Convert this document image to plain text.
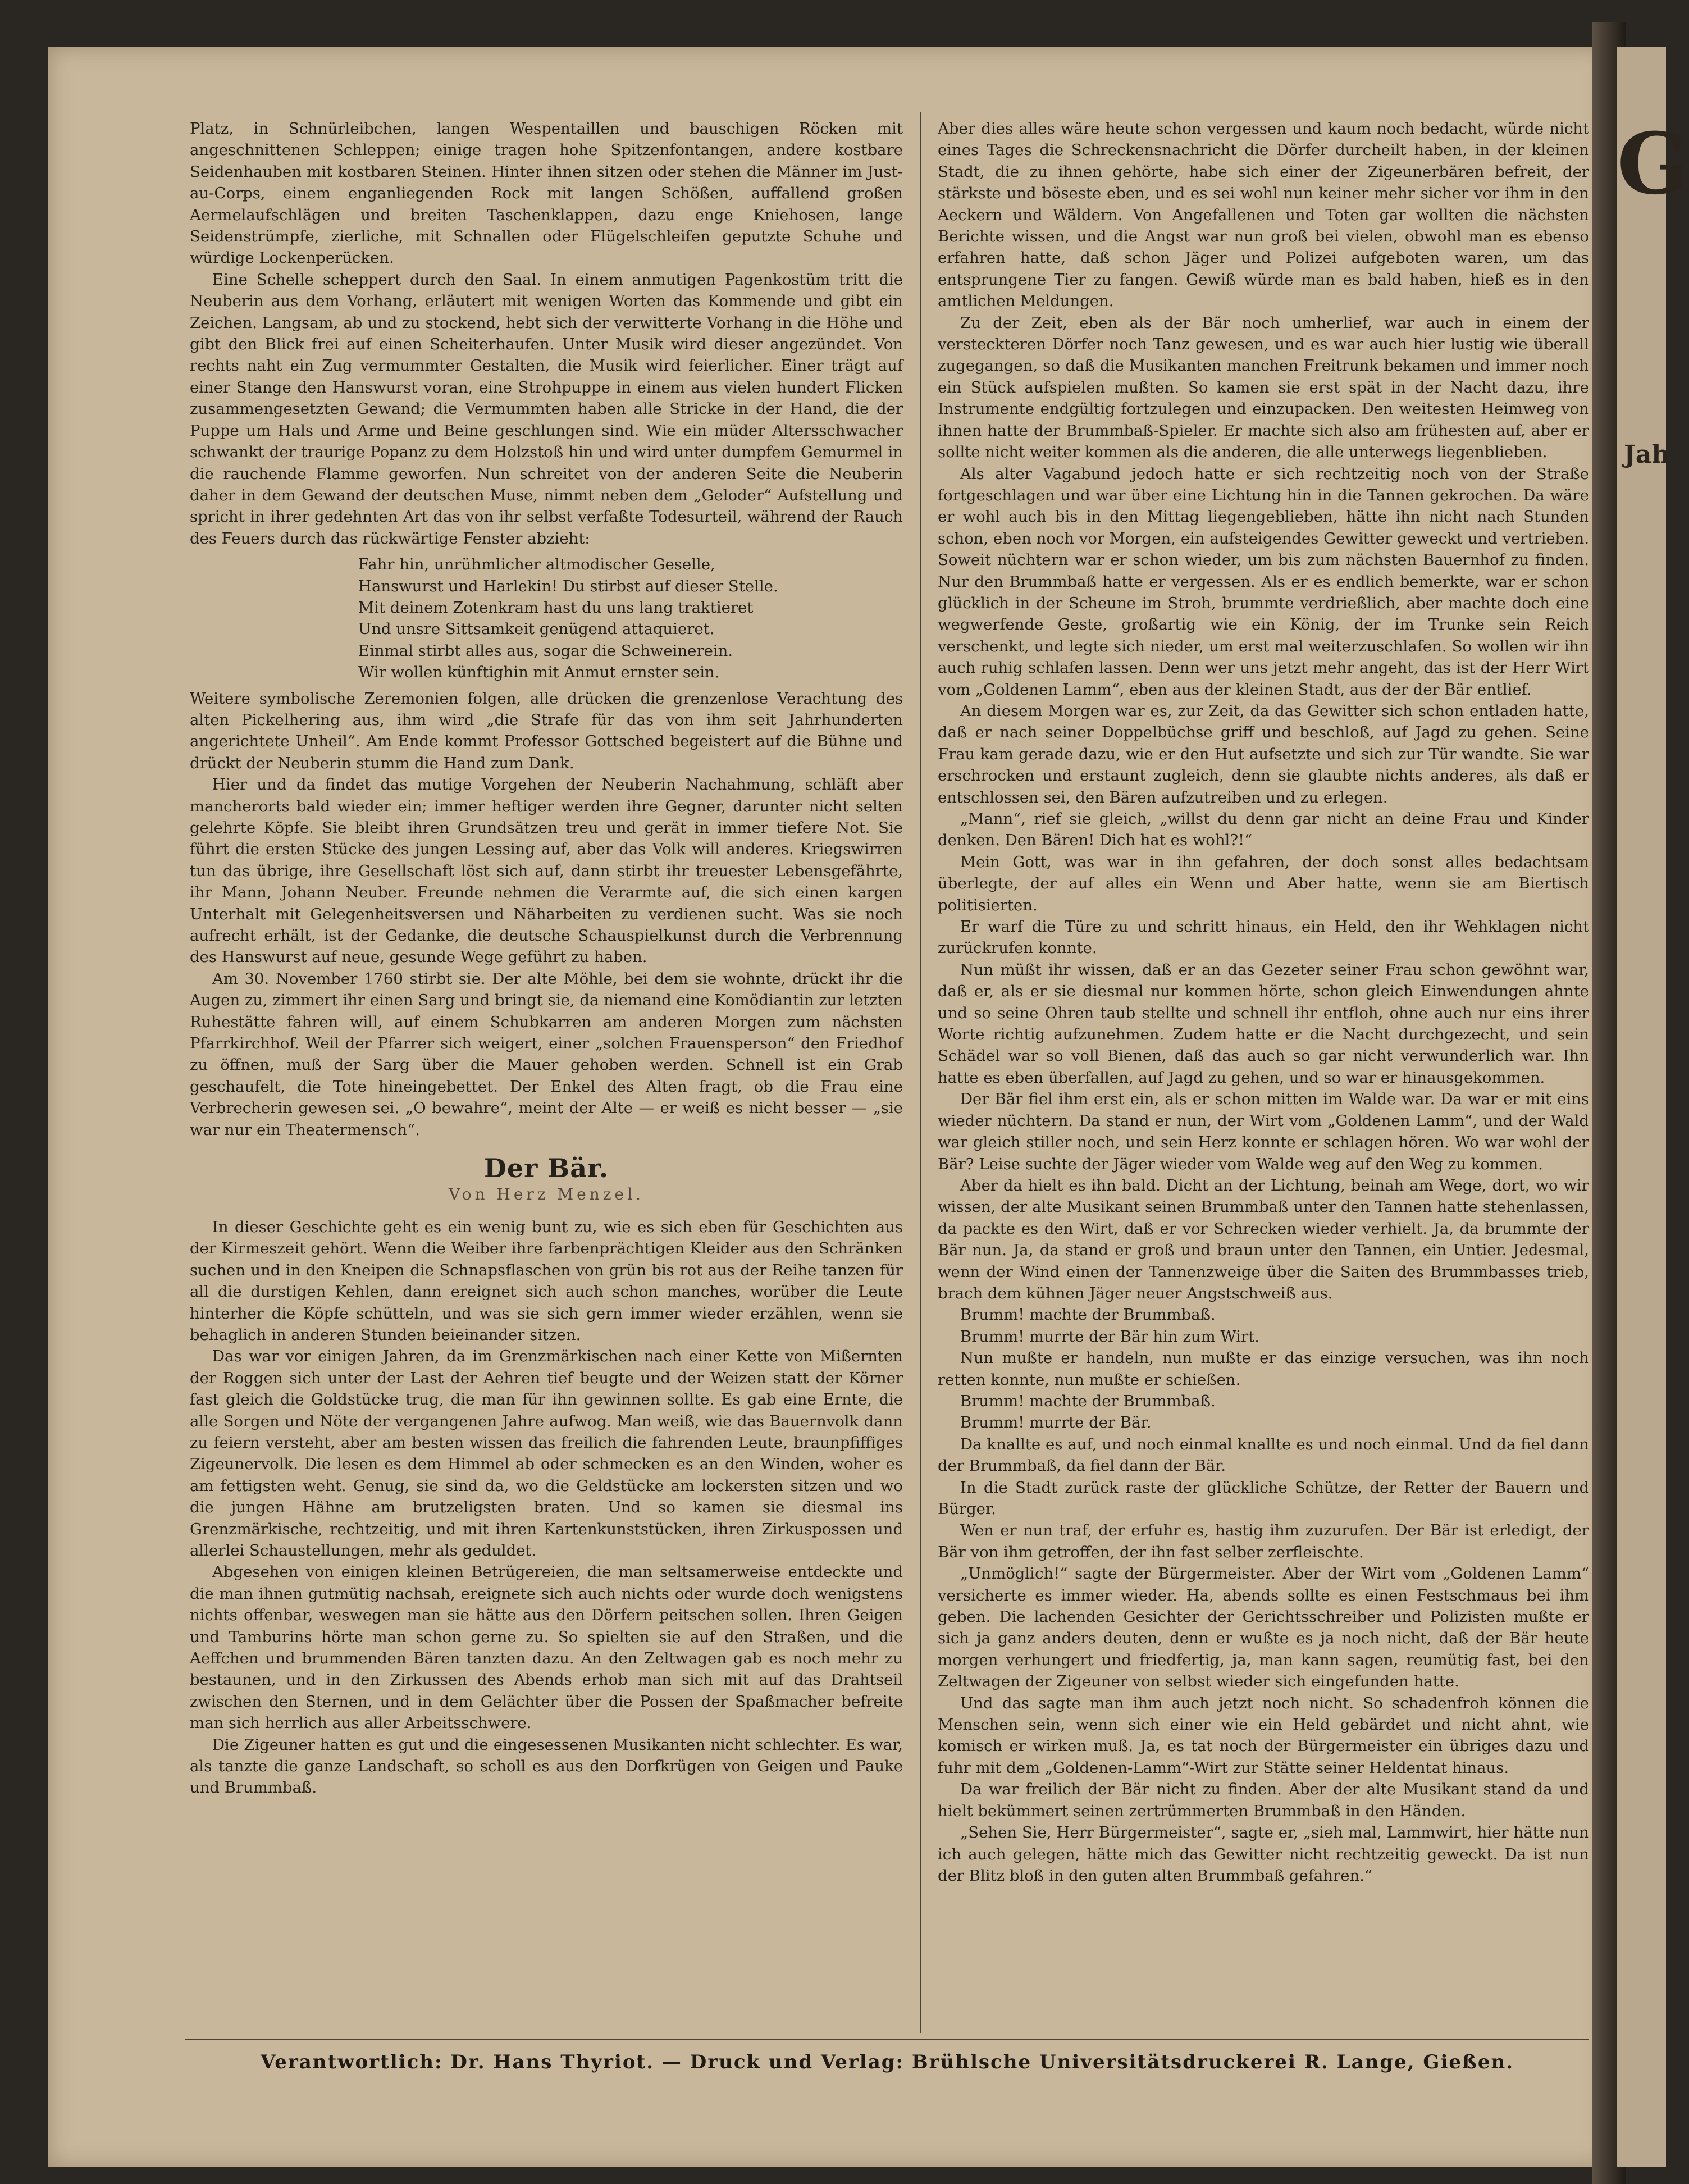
G
Jah

Platz, in Schnürleibchen, langen Wespentaillen und bauschigen Röcken mit angeschnittenen Schleppen; einige tragen hohe Spitzenfontangen, andere kostbare Seidenhauben mit kostbaren Steinen. Hinter ihnen sitzen oder stehen die Männer im Just-au-Corps, einem enganliegenden Rock mit langen Schößen, auffallend großen Aermelaufschlägen und breiten Taschenklappen, dazu enge Kniehosen, lange Seidenstrümpfe, zierliche, mit Schnallen oder Flügelschleifen geputzte Schuhe und würdige Lockenperücken.

Eine Schelle scheppert durch den Saal. In einem anmutigen Pagenkostüm tritt die Neuberin aus dem Vorhang, erläutert mit wenigen Worten das Kommende und gibt ein Zeichen. Langsam, ab und zu stockend, hebt sich der verwitterte Vorhang in die Höhe und gibt den Blick frei auf einen Scheiterhaufen. Unter Musik wird dieser angezündet. Von rechts naht ein Zug vermummter Gestalten, die Musik wird feierlicher. Einer trägt auf einer Stange den Hanswurst voran, eine Strohpuppe in einem aus vielen hundert Flicken zusammengesetzten Gewand; die Vermummten haben alle Stricke in der Hand, die der Puppe um Hals und Arme und Beine geschlungen sind. Wie ein müder Altersschwacher schwankt der traurige Popanz zu dem Holzstoß hin und wird unter dumpfem Gemurmel in die rauchende Flamme geworfen. Nun schreitet von der anderen Seite die Neuberin daher in dem Gewand der deutschen Muse, nimmt neben dem „Geloder“ Aufstellung und spricht in ihrer gedehnten Art das von ihr selbst verfaßte Todesurteil, während der Rauch des Feuers durch das rückwärtige Fenster abzieht:

Fahr hin, unrühmlicher altmodischer Geselle,
Hanswurst und Harlekin! Du stirbst auf dieser Stelle.
Mit deinem Zotenkram hast du uns lang traktieret
Und unsre Sittsamkeit genügend attaquieret.
Einmal stirbt alles aus, sogar die Schweinerein.
Wir wollen künftighin mit Anmut ernster sein.

Weitere symbolische Zeremonien folgen, alle drücken die grenzenlose Verachtung des alten Pickelhering aus, ihm wird „die Strafe für das von ihm seit Jahrhunderten angerichtete Unheil“. Am Ende kommt Professor Gottsched begeistert auf die Bühne und drückt der Neuberin stumm die Hand zum Dank.

Hier und da findet das mutige Vorgehen der Neuberin Nachahmung, schläft aber mancherorts bald wieder ein; immer heftiger werden ihre Gegner, darunter nicht selten gelehrte Köpfe. Sie bleibt ihren Grundsätzen treu und gerät in immer tiefere Not. Sie führt die ersten Stücke des jungen Lessing auf, aber das Volk will anderes. Kriegswirren tun das übrige, ihre Gesellschaft löst sich auf, dann stirbt ihr treuester Lebensgefährte, ihr Mann, Johann Neuber. Freunde nehmen die Verarmte auf, die sich einen kargen Unterhalt mit Gelegenheitsversen und Näharbeiten zu verdienen sucht. Was sie noch aufrecht erhält, ist der Gedanke, die deutsche Schauspielkunst durch die Verbrennung des Hanswurst auf neue, gesunde Wege geführt zu haben.

Am 30. November 1760 stirbt sie. Der alte Möhle, bei dem sie wohnte, drückt ihr die Augen zu, zimmert ihr einen Sarg und bringt sie, da niemand eine Komödiantin zur letzten Ruhestätte fahren will, auf einem Schubkarren am anderen Morgen zum nächsten Pfarrkirchhof. Weil der Pfarrer sich weigert, einer „solchen Frauensperson“ den Friedhof zu öffnen, muß der Sarg über die Mauer gehoben werden. Schnell ist ein Grab geschaufelt, die Tote hineingebettet. Der Enkel des Alten fragt, ob die Frau eine Verbrecherin gewesen sei. „O bewahre“, meint der Alte — er weiß es nicht besser — „sie war nur ein Theatermensch“.

Der Bär.
Von Herz Menzel.

In dieser Geschichte geht es ein wenig bunt zu, wie es sich eben für Geschichten aus der Kirmeszeit gehört. Wenn die Weiber ihre farbenprächtigen Kleider aus den Schränken suchen und in den Kneipen die Schnapsflaschen von grün bis rot aus der Reihe tanzen für all die durstigen Kehlen, dann ereignet sich auch schon manches, worüber die Leute hinterher die Köpfe schütteln, und was sie sich gern immer wieder erzählen, wenn sie behaglich in anderen Stunden beieinander sitzen.

Das war vor einigen Jahren, da im Grenzmärkischen nach einer Kette von Mißernten der Roggen sich unter der Last der Aehren tief beugte und der Weizen statt der Körner fast gleich die Goldstücke trug, die man für ihn gewinnen sollte. Es gab eine Ernte, die alle Sorgen und Nöte der vergangenen Jahre aufwog. Man weiß, wie das Bauernvolk dann zu feiern versteht, aber am besten wissen das freilich die fahrenden Leute, braunpfiffiges Zigeunervolk. Die lesen es dem Himmel ab oder schmecken es an den Winden, woher es am fettigsten weht. Genug, sie sind da, wo die Geldstücke am lockersten sitzen und wo die jungen Hähne am brutzeligsten braten. Und so kamen sie diesmal ins Grenzmärkische, rechtzeitig, und mit ihren Kartenkunststücken, ihren Zirkuspossen und allerlei Schaustellungen, mehr als geduldet.

Abgesehen von einigen kleinen Betrügereien, die man seltsamerweise entdeckte und die man ihnen gutmütig nachsah, ereignete sich auch nichts oder wurde doch wenigstens nichts offenbar, weswegen man sie hätte aus den Dörfern peitschen sollen. Ihren Geigen und Tamburins hörte man schon gerne zu. So spielten sie auf den Straßen, und die Aeffchen und brummenden Bären tanzten dazu. An den Zeltwagen gab es noch mehr zu bestaunen, und in den Zirkussen des Abends erhob man sich mit auf das Drahtseil zwischen den Sternen, und in dem Gelächter über die Possen der Spaßmacher befreite man sich herrlich aus aller Arbeitsschwere.

Die Zigeuner hatten es gut und die eingesessenen Musikanten nicht schlechter. Es war, als tanzte die ganze Landschaft, so scholl es aus den Dorfkrügen von Geigen und Pauke und Brummbaß.

Aber dies alles wäre heute schon vergessen und kaum noch bedacht, würde nicht eines Tages die Schreckensnachricht die Dörfer durcheilt haben, in der kleinen Stadt, die zu ihnen gehörte, habe sich einer der Zigeunerbären befreit, der stärkste und böseste eben, und es sei wohl nun keiner mehr sicher vor ihm in den Aeckern und Wäldern. Von Angefallenen und Toten gar wollten die nächsten Berichte wissen, und die Angst war nun groß bei vielen, obwohl man es ebenso erfahren hatte, daß schon Jäger und Polizei aufgeboten waren, um das entsprungene Tier zu fangen. Gewiß würde man es bald haben, hieß es in den amtlichen Meldungen.

Zu der Zeit, eben als der Bär noch umherlief, war auch in einem der versteckteren Dörfer noch Tanz gewesen, und es war auch hier lustig wie überall zugegangen, so daß die Musikanten manchen Freitrunk bekamen und immer noch ein Stück aufspielen mußten. So kamen sie erst spät in der Nacht dazu, ihre Instrumente endgültig fortzulegen und einzupacken. Den weitesten Heimweg von ihnen hatte der Brummbaß-Spieler. Er machte sich also am frühesten auf, aber er sollte nicht weiter kommen als die anderen, die alle unterwegs liegenblieben.

Als alter Vagabund jedoch hatte er sich rechtzeitig noch von der Straße fortgeschlagen und war über eine Lichtung hin in die Tannen gekrochen. Da wäre er wohl auch bis in den Mittag liegengeblieben, hätte ihn nicht nach Stunden schon, eben noch vor Morgen, ein aufsteigendes Gewitter geweckt und vertrieben. Soweit nüchtern war er schon wieder, um bis zum nächsten Bauernhof zu finden. Nur den Brummbaß hatte er vergessen. Als er es endlich bemerkte, war er schon glücklich in der Scheune im Stroh, brummte verdrießlich, aber machte doch eine wegwerfende Geste, großartig wie ein König, der im Trunke sein Reich verschenkt, und legte sich nieder, um erst mal weiterzuschlafen. So wollen wir ihn auch ruhig schlafen lassen. Denn wer uns jetzt mehr angeht, das ist der Herr Wirt vom „Goldenen Lamm“, eben aus der kleinen Stadt, aus der der Bär entlief.

An diesem Morgen war es, zur Zeit, da das Gewitter sich schon entladen hatte, daß er nach seiner Doppelbüchse griff und beschloß, auf Jagd zu gehen. Seine Frau kam gerade dazu, wie er den Hut aufsetzte und sich zur Tür wandte. Sie war erschrocken und erstaunt zugleich, denn sie glaubte nichts anderes, als daß er entschlossen sei, den Bären aufzutreiben und zu erlegen.

„Mann“, rief sie gleich, „willst du denn gar nicht an deine Frau und Kinder denken. Den Bären! Dich hat es wohl?!“

Mein Gott, was war in ihn gefahren, der doch sonst alles bedachtsam überlegte, der auf alles ein Wenn und Aber hatte, wenn sie am Biertisch politisierten.

Er warf die Türe zu und schritt hinaus, ein Held, den ihr Wehklagen nicht zurückrufen konnte.

Nun müßt ihr wissen, daß er an das Gezeter seiner Frau schon gewöhnt war, daß er, als er sie diesmal nur kommen hörte, schon gleich Einwendungen ahnte und so seine Ohren taub stellte und schnell ihr entfloh, ohne auch nur eins ihrer Worte richtig aufzunehmen. Zudem hatte er die Nacht durchgezecht, und sein Schädel war so voll Bienen, daß das auch so gar nicht verwunderlich war. Ihn hatte es eben überfallen, auf Jagd zu gehen, und so war er hinausgekommen.

Der Bär fiel ihm erst ein, als er schon mitten im Walde war. Da war er mit eins wieder nüchtern. Da stand er nun, der Wirt vom „Goldenen Lamm“, und der Wald war gleich stiller noch, und sein Herz konnte er schlagen hören. Wo war wohl der Bär? Leise suchte der Jäger wieder vom Walde weg auf den Weg zu kommen.

Aber da hielt es ihn bald. Dicht an der Lichtung, beinah am Wege, dort, wo wir wissen, der alte Musikant seinen Brummbaß unter den Tannen hatte stehenlassen, da packte es den Wirt, daß er vor Schrecken wieder verhielt. Ja, da brummte der Bär nun. Ja, da stand er groß und braun unter den Tannen, ein Untier. Jedesmal, wenn der Wind einen der Tannenzweige über die Saiten des Brummbasses trieb, brach dem kühnen Jäger neuer Angstschweiß aus.

Brumm! machte der Brummbaß.

Brumm! murrte der Bär hin zum Wirt.

Nun mußte er handeln, nun mußte er das einzige versuchen, was ihn noch retten konnte, nun mußte er schießen.

Brumm! machte der Brummbaß.

Brumm! murrte der Bär.

Da knallte es auf, und noch einmal knallte es und noch einmal. Und da fiel dann der Brummbaß, da fiel dann der Bär.

In die Stadt zurück raste der glückliche Schütze, der Retter der Bauern und Bürger.

Wen er nun traf, der erfuhr es, hastig ihm zuzurufen. Der Bär ist erledigt, der Bär von ihm getroffen, der ihn fast selber zerfleischte.

„Unmöglich!“ sagte der Bürgermeister. Aber der Wirt vom „Goldenen Lamm“ versicherte es immer wieder. Ha, abends sollte es einen Festschmaus bei ihm geben. Die lachenden Gesichter der Gerichtsschreiber und Polizisten mußte er sich ja ganz anders deuten, denn er wußte es ja noch nicht, daß der Bär heute morgen verhungert und friedfertig, ja, man kann sagen, reumütig fast, bei den Zeltwagen der Zigeuner von selbst wieder sich eingefunden hatte.

Und das sagte man ihm auch jetzt noch nicht. So schadenfroh können die Menschen sein, wenn sich einer wie ein Held gebärdet und nicht ahnt, wie komisch er wirken muß. Ja, es tat noch der Bürgermeister ein übriges dazu und fuhr mit dem „Goldenen-Lamm“-Wirt zur Stätte seiner Heldentat hinaus.

Da war freilich der Bär nicht zu finden. Aber der alte Musikant stand da und hielt bekümmert seinen zertrümmerten Brummbaß in den Händen.

„Sehen Sie, Herr Bürgermeister“, sagte er, „sieh mal, Lammwirt, hier hätte nun ich auch gelegen, hätte mich das Gewitter nicht rechtzeitig geweckt. Da ist nun der Blitz bloß in den guten alten Brummbaß gefahren.“

Verantwortlich: Dr. Hans Thyriot. — Druck und Verlag: Brühlsche Universitätsdruckerei R. Lange, Gießen.
